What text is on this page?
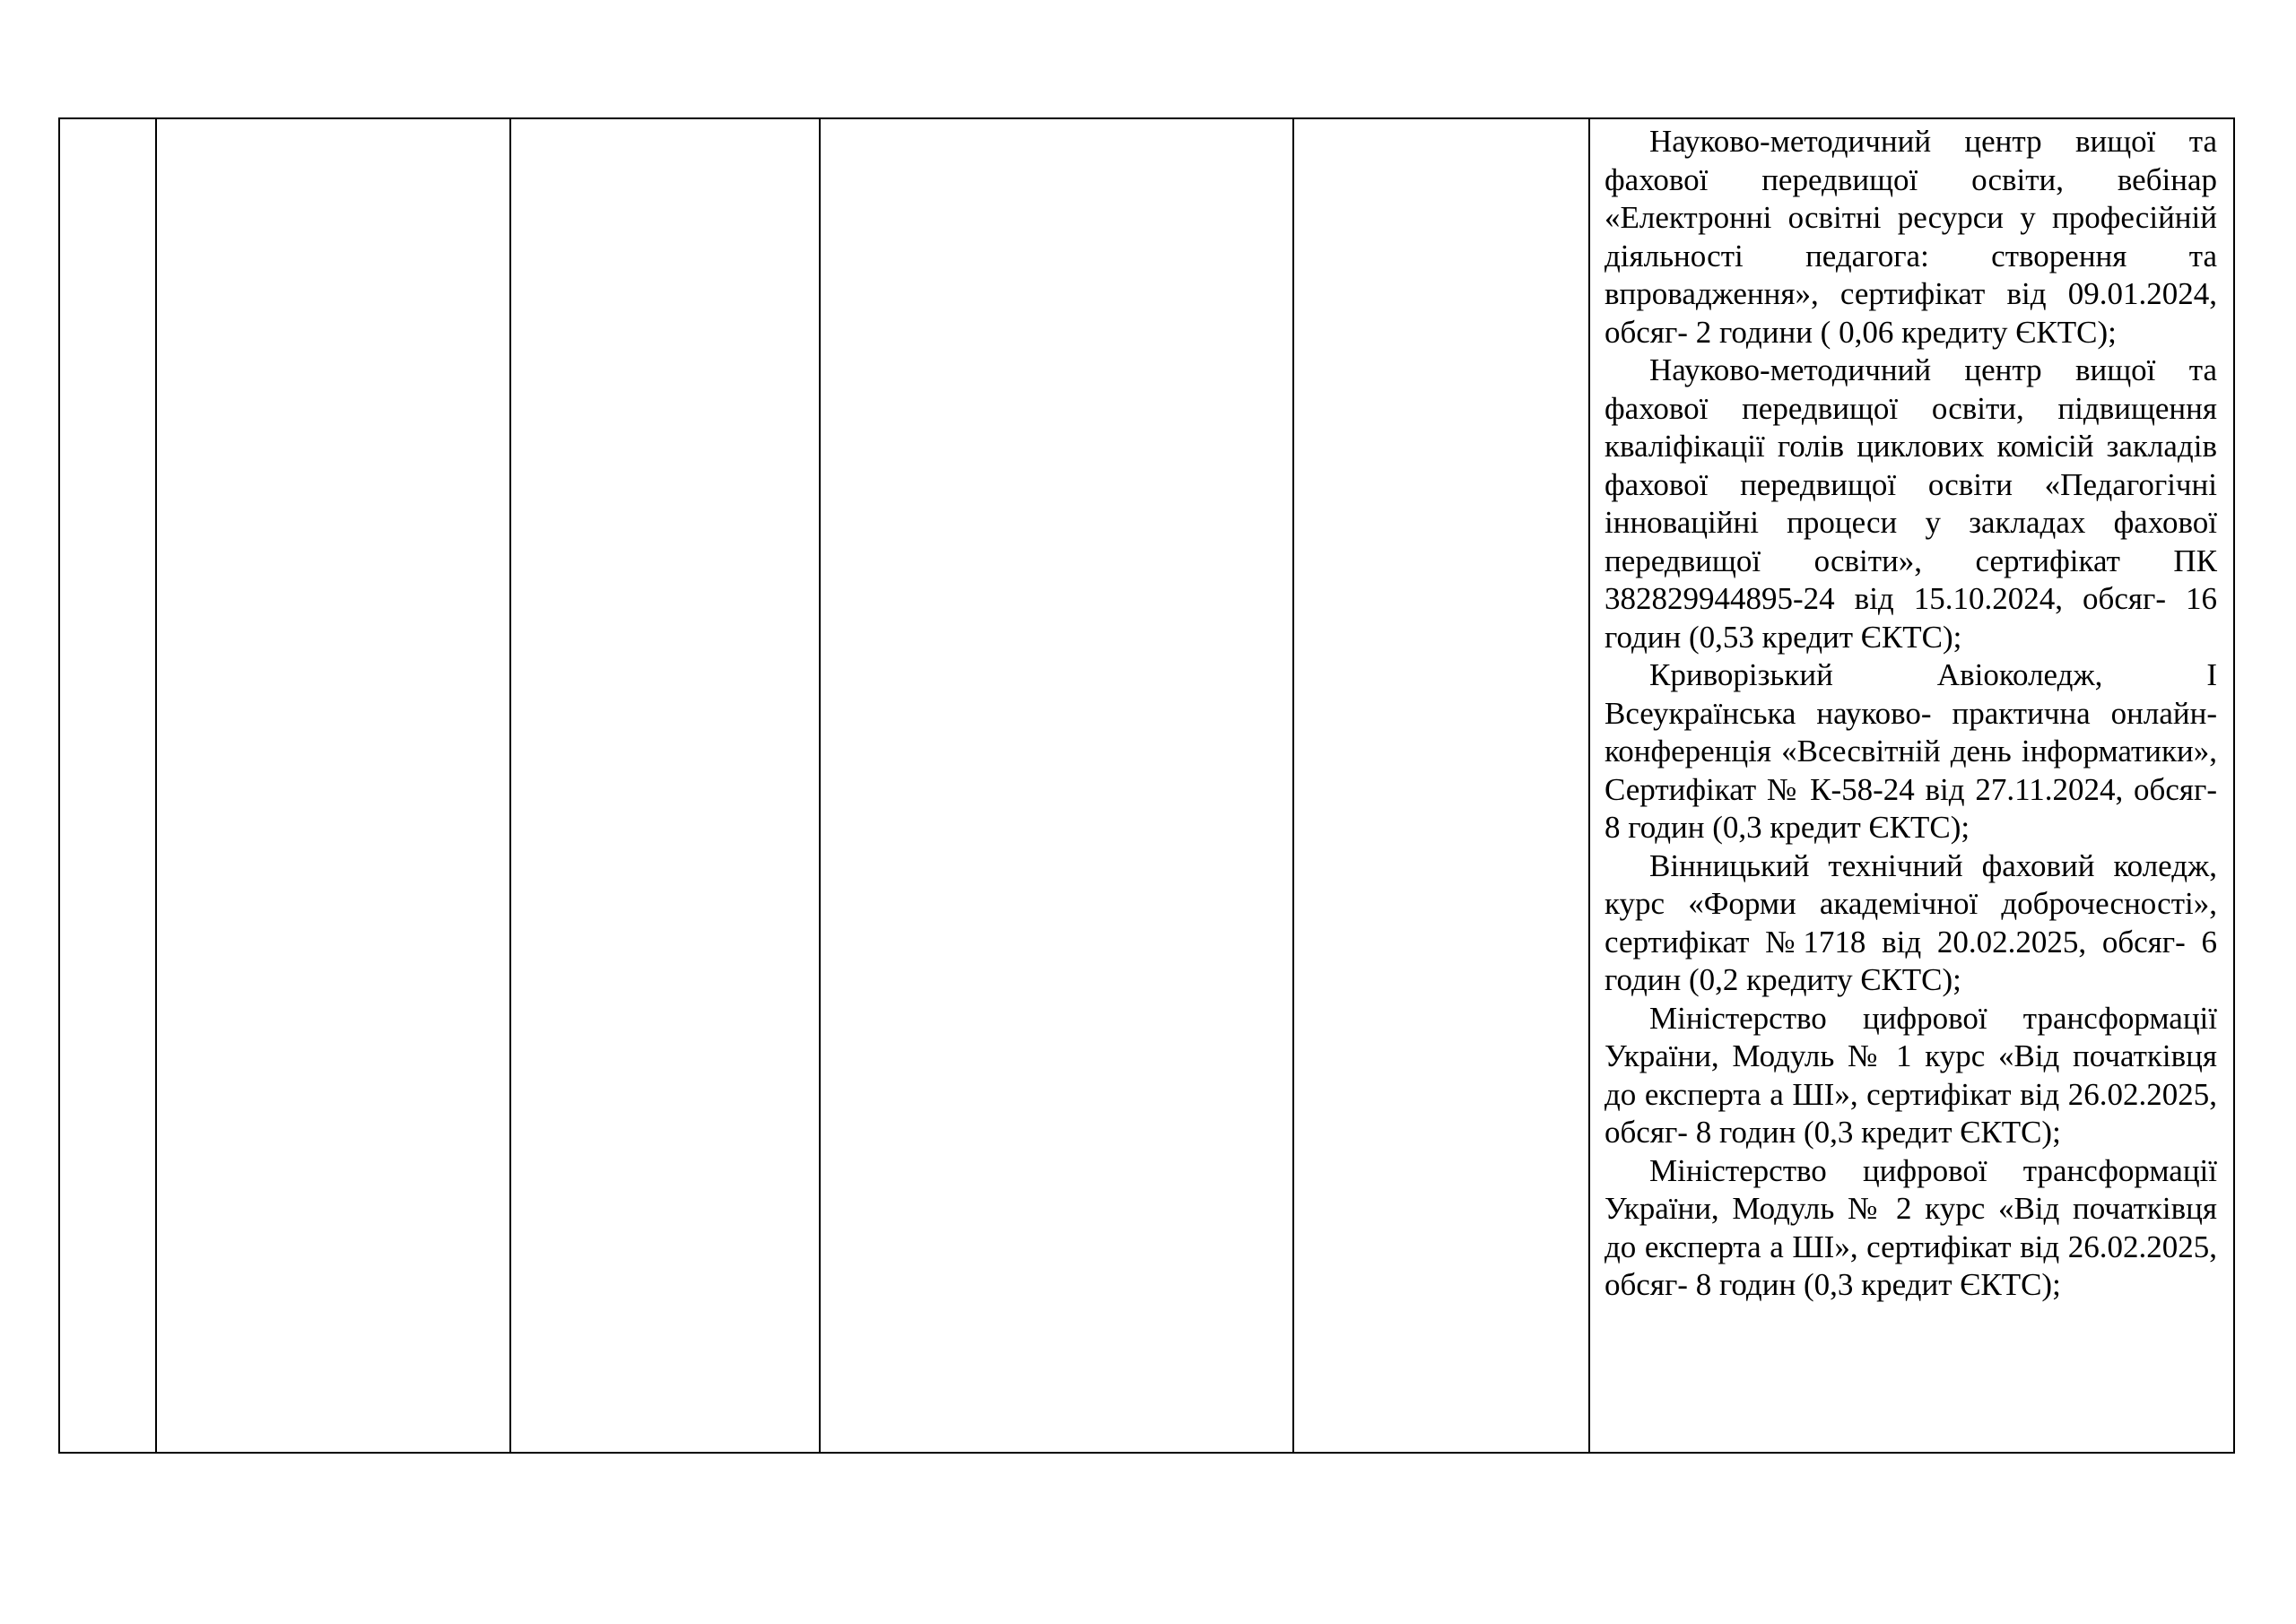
Науково-методичний центр вищої та фахової передвищої освіти, вебінар «Електронні освітні ресурси у професійній діяльності педагога: створення та впровадження», сертифікат від 09.01.2024, обсяг- 2 години ( 0,06 кредиту ЄКТС);

Науково-методичний центр вищої та фахової передвищої освіти, підвищення кваліфікації голів циклових комісій закладів фахової передвищої освіти «Педагогічні інноваційні процеси у закладах фахової передвищої освіти», сертифікат ПК 382829944895-24 від 15.10.2024, обсяг- 16 годин (0,53 кредит ЄКТС);

Криворізький Авіоколедж, І Всеукраїнська науково- практична онлайн-конференція «Всесвітній день інформатики», Сертифікат № К-58-24 від 27.11.2024, обсяг- 8 годин (0,3 кредит ЄКТС);

Вінницький технічний фаховий коледж, курс «Форми академічної доброчесності», сертифікат №1718 від 20.02.2025, обсяг- 6 годин (0,2 кредиту ЄКТС);

Міністерство цифрової трансформації України, Модуль № 1 курс «Від початківця до експерта а ШІ», сертифікат від 26.02.2025, обсяг- 8 годин (0,3 кредит ЄКТС);

Міністерство цифрової трансформації України, Модуль № 2 курс «Від початківця до експерта а ШІ», сертифікат від 26.02.2025, обсяг- 8 годин (0,3 кредит ЄКТС);
